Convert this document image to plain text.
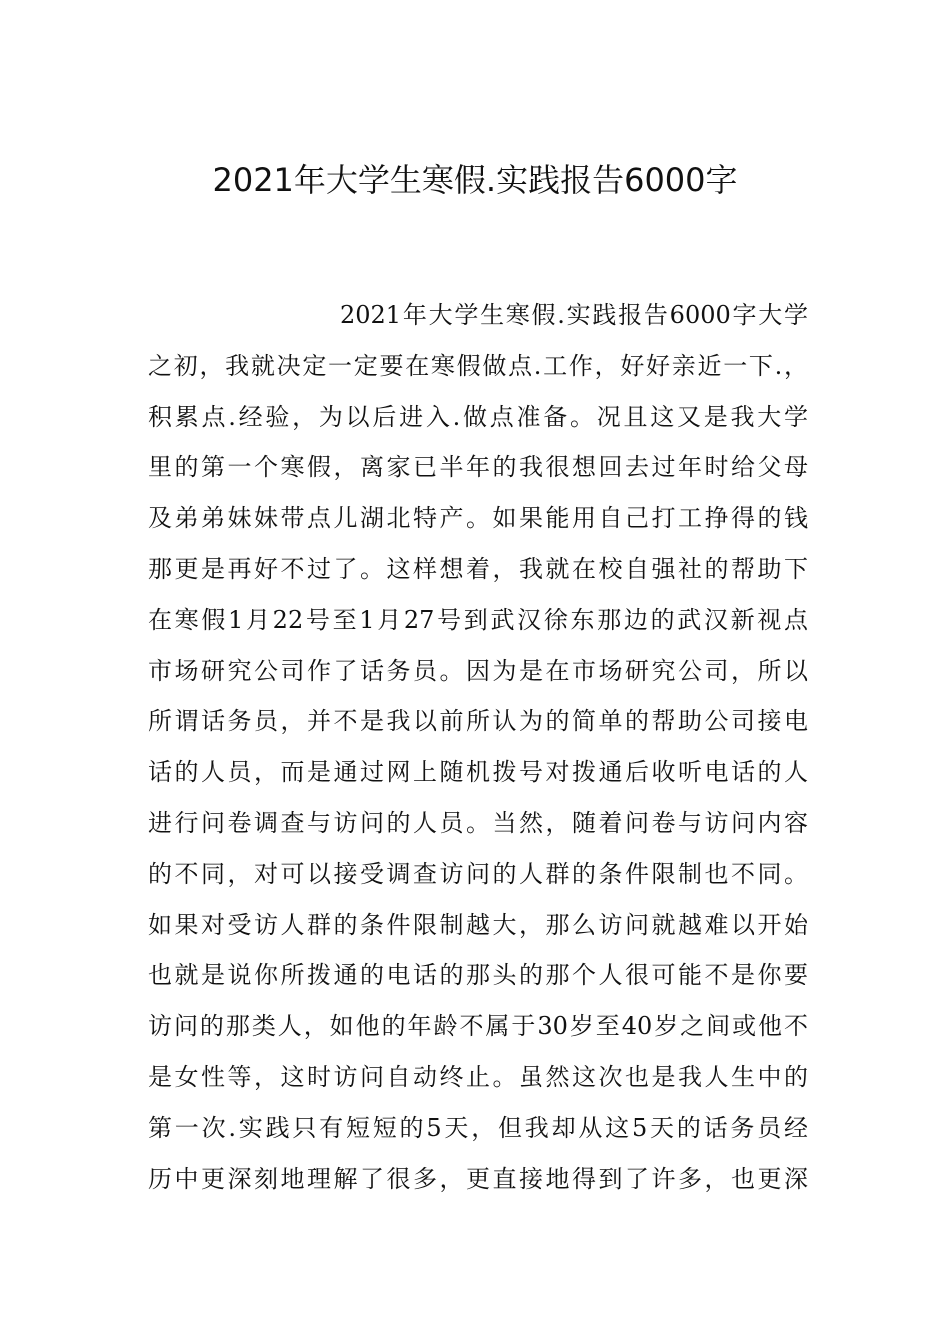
2021年大学生寒假.实践报告6000字
2021年大学生寒假.实践报告6000字大学
之初，我就决定一定要在寒假做点.工作，好好亲近一下.，
积累点.经验，为以后进入.做点准备。况且这又是我大学
里的第一个寒假，离家已半年的我很想回去过年时给父母
及弟弟妹妹带点儿湖北特产。如果能用自己打工挣得的钱
那更是再好不过了。这样想着，我就在校自强社的帮助下
在寒假1月22号至1月27号到武汉徐东那边的武汉新视点
市场研究公司作了话务员。因为是在市场研究公司，所以
所谓话务员，并不是我以前所认为的简单的帮助公司接电
话的人员，而是通过网上随机拨号对拨通后收听电话的人
进行问卷调查与访问的人员。当然，随着问卷与访问内容
的不同，对可以接受调查访问的人群的条件限制也不同。
如果对受访人群的条件限制越大，那么访问就越难以开始
也就是说你所拨通的电话的那头的那个人很可能不是你要
访问的那类人，如他的年龄不属于30岁至40岁之间或他不
是女性等，这时访问自动终止。虽然这次也是我人生中的
第一次.实践只有短短的5天，但我却从这5天的话务员经
历中更深刻地理解了很多，更直接地得到了许多，也更深
